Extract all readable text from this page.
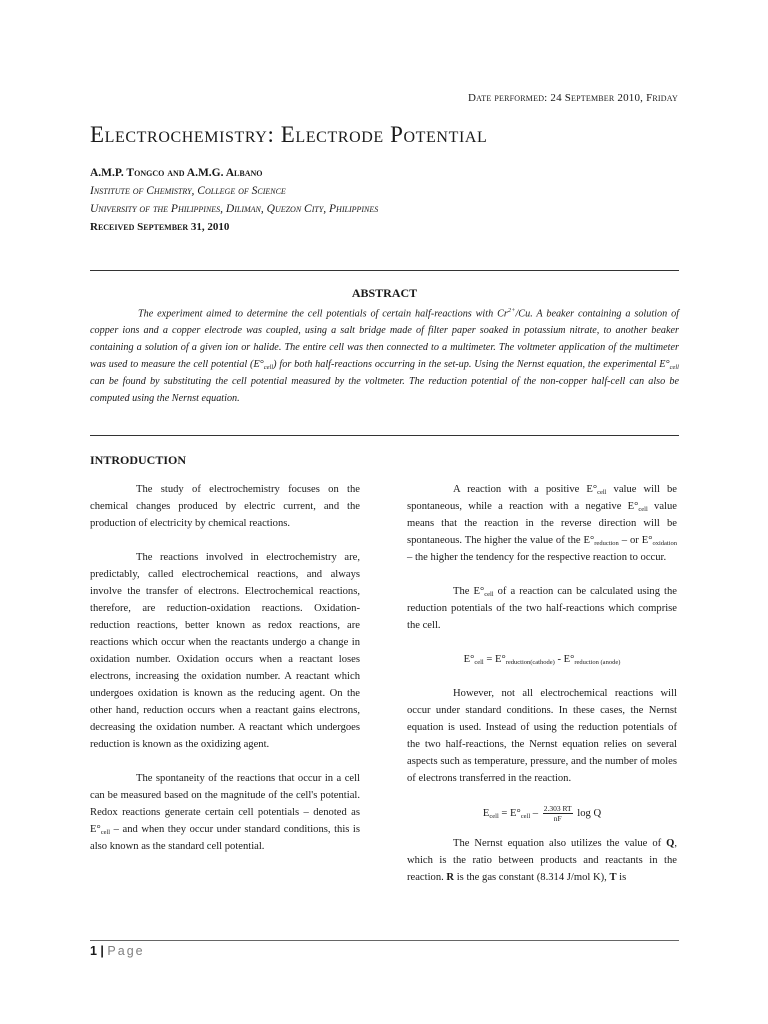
Date performed: 24 September 2010, Friday
Electrochemistry: Electrode Potential
A.M.P. Tongco and A.M.G. Albano
Institute of Chemistry, College of Science
University of the Philippines, Diliman, Quezon City, Philippines
Received September 31, 2010
ABSTRACT
The experiment aimed to determine the cell potentials of certain half-reactions with $Cr^{2+}/Cu$. A beaker containing a solution of copper ions and a copper electrode was coupled, using a salt bridge made of filter paper soaked in potassium nitrate, to another beaker containing a solution of a given ion or halide. The entire cell was then connected to a multimeter. The voltmeter application of the multimeter was used to measure the cell potential $(E^\circ_{cell})$ for both half-reactions occurring in the set-up. Using the Nernst equation, the experimental $E^\circ_{cell}$ can be found by substituting the cell potential measured by the voltmeter. The reduction potential of the non-copper half-cell can also be computed using the Nernst equation.
INTRODUCTION

The study of electrochemistry focuses on the chemical changes produced by electric current, and the production of electricity by chemical reactions.

The reactions involved in electrochemistry are, predictably, called electrochemical reactions, and always involve the transfer of electrons. Electrochemical reactions, therefore, are reduction-oxidation reactions. Oxidation-reduction reactions, better known as redox reactions, are reactions which occur when the reactants undergo a change in oxidation number. Oxidation occurs when a reactant loses electrons, increasing the oxidation number. A reactant which undergoes oxidation is known as the reducing agent. On the other hand, reduction occurs when a reactant gains electrons, decreasing the oxidation number. A reactant which undergoes reduction is known as the oxidizing agent.

The spontaneity of the reactions that occur in a cell can be measured based on the magnitude of the cell's potential. Redox reactions generate certain cell potentials – denoted as $E^\circ_{cell}$ – and when they occur under standard conditions, this is also known as the standard cell potential.

A reaction with a positive $E^\circ_{cell}$ value will be spontaneous, while a reaction with a negative $E^\circ_{cell}$ value means that the reaction in the reverse direction will be spontaneous. The higher the value of the $E^\circ_{reduction}$ – or $E^\circ_{oxidation}$ – the higher the tendency for the respective reaction to occur.

The $E^\circ_{cell}$ of a reaction can be calculated using the reduction potentials of the two half-reactions which comprise the cell.

$E^\circ_{cell} = E^\circ_{reduction(cathode)} - E^\circ_{reduction (anode)}$

However, not all electrochemical reactions will occur under standard conditions. In these cases, the Nernst equation is used. Instead of using the reduction potentials of the two half-reactions, the Nernst equation relies on several aspects such as temperature, pressure, and the number of moles of electrons transferred in the reaction.

$E_{cell} = E^\circ_{cell} - \frac{2.303 RT}{nF}$ log Q

The Nernst equation also utilizes the value of Q, which is the ratio between products and reactants in the reaction. R is the gas constant (8.314 J/mol K), T is

1 | Page
